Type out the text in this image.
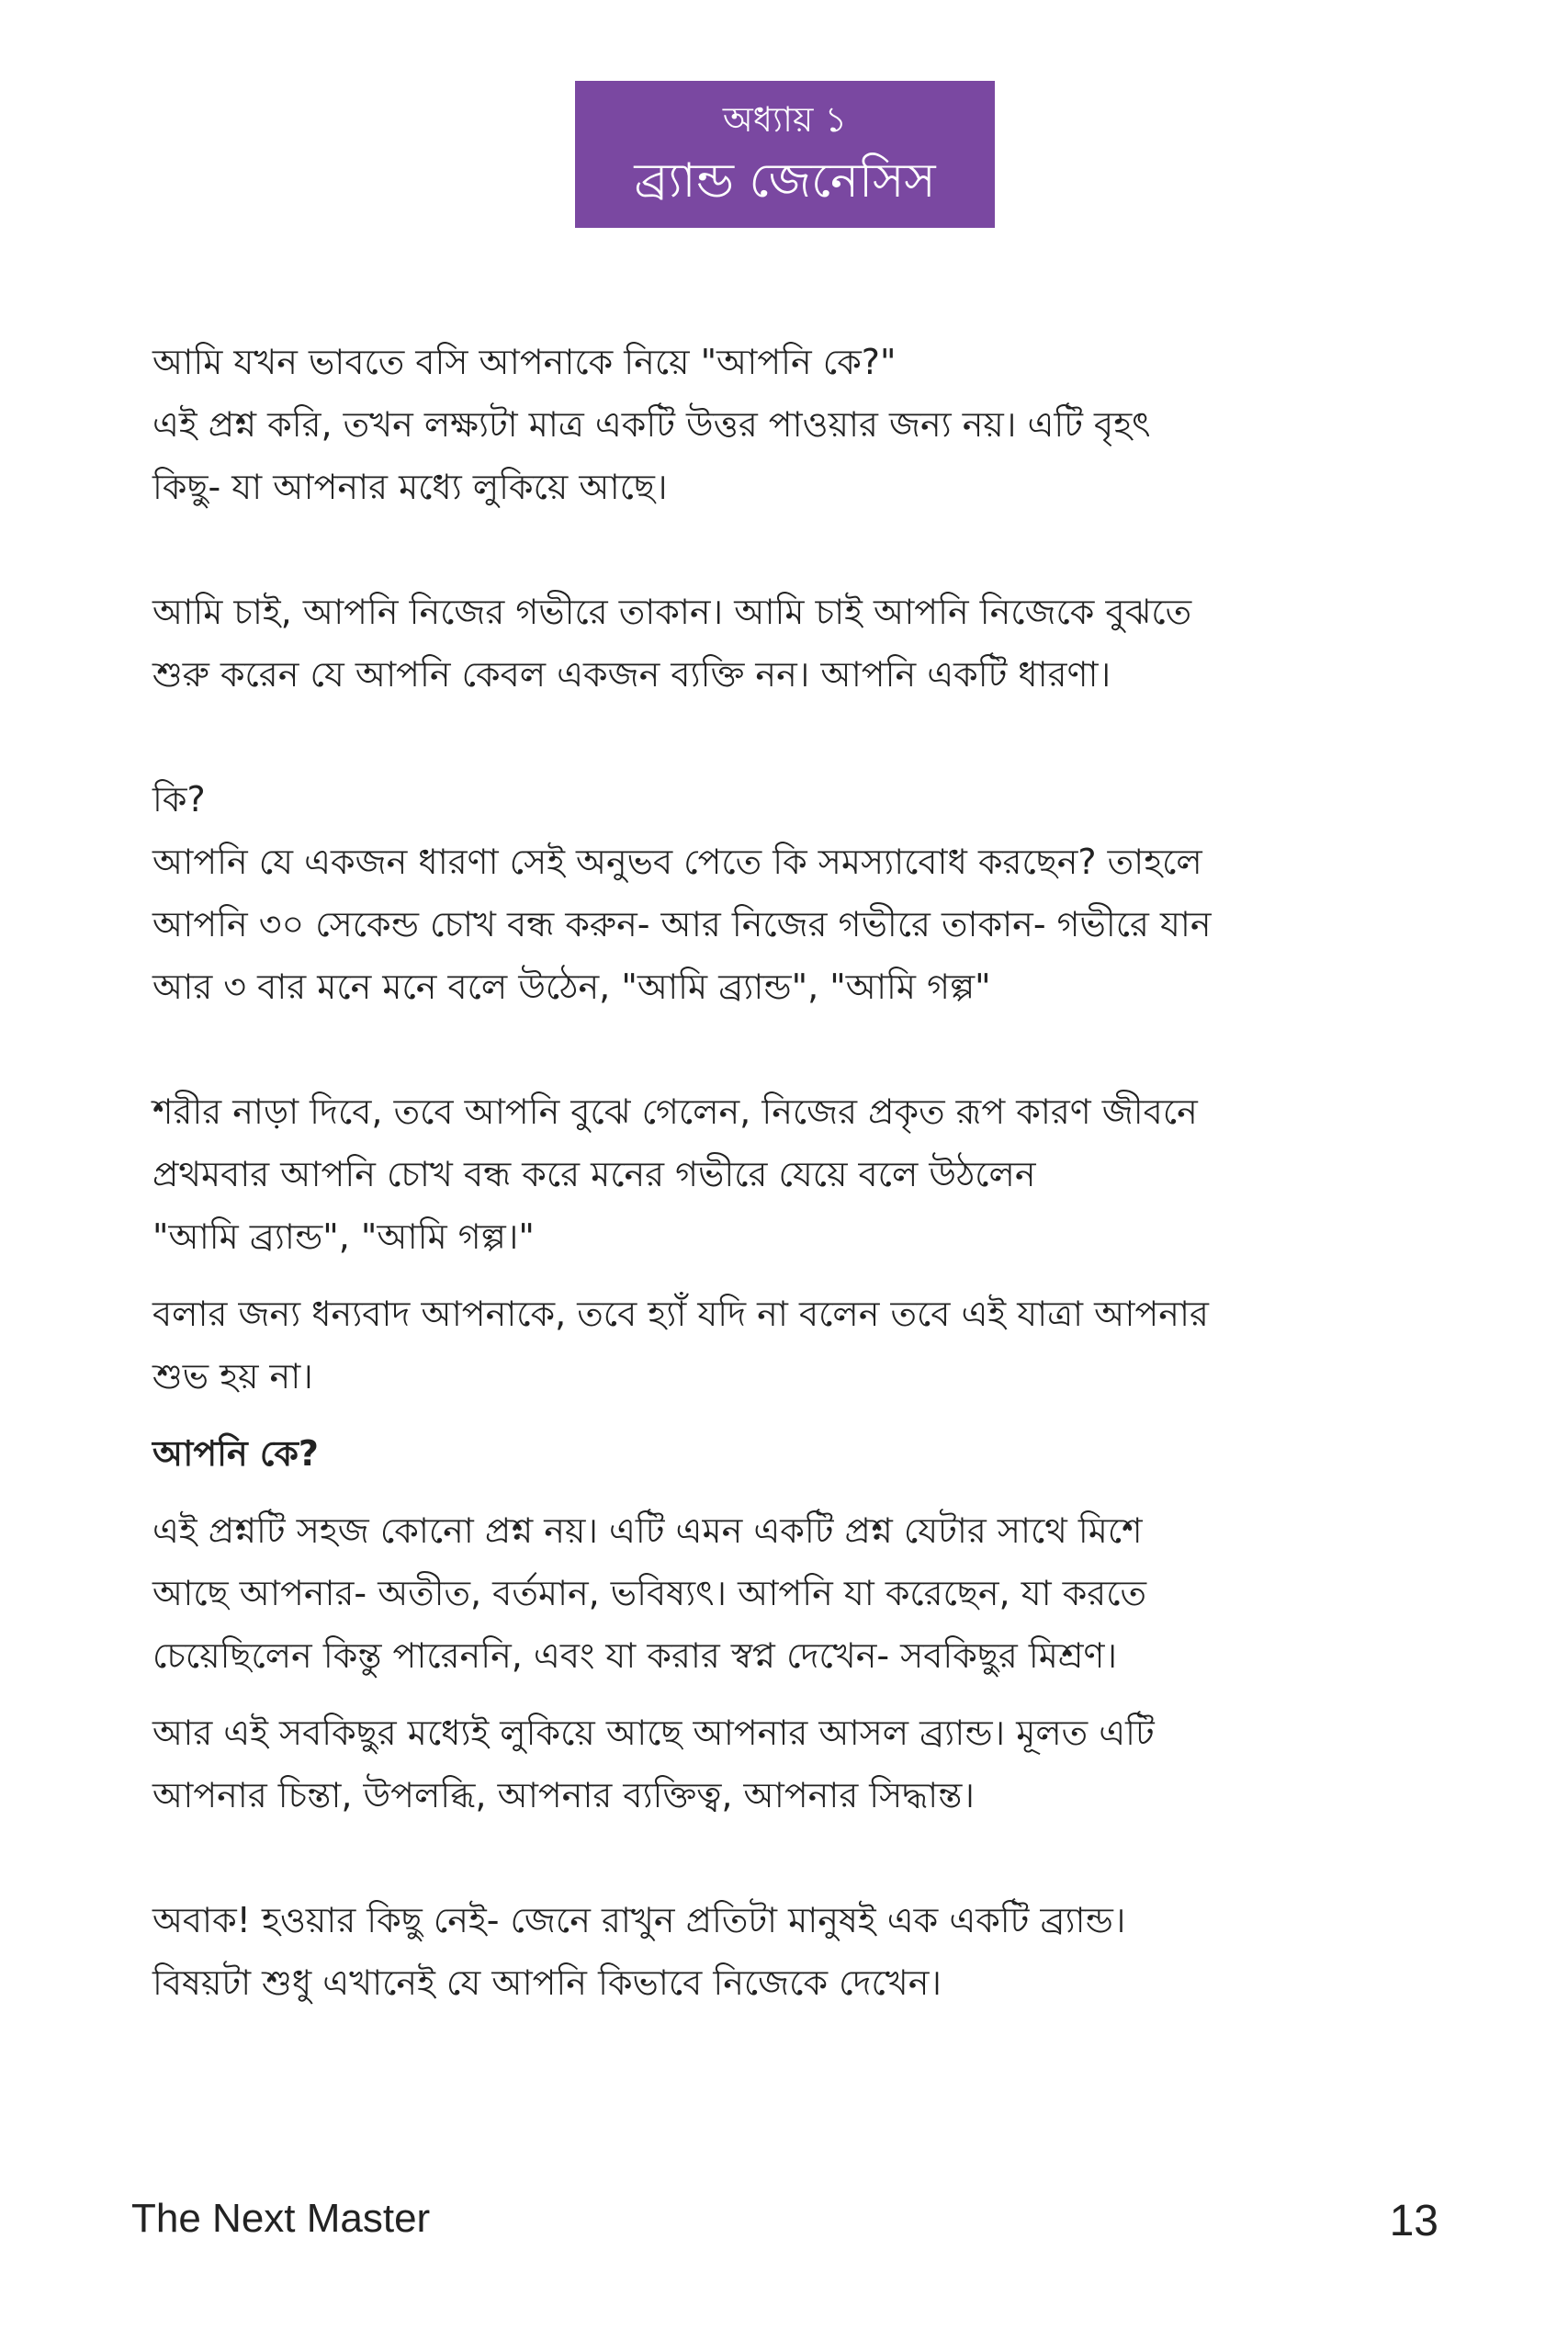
অধ্যায় ১
ব্র্যান্ড জেনেসিস
আমি যখন ভাবতে বসি আপনাকে নিয়ে "আপনি কে?"
এই প্রশ্ন করি, তখন লক্ষ্যটা মাত্র একটি উত্তর পাওয়ার জন্য নয়। এটি বৃহৎ
কিছু- যা আপনার মধ্যে লুকিয়ে আছে।
আমি চাই, আপনি নিজের গভীরে তাকান। আমি চাই আপনি নিজেকে বুঝতে
শুরু করেন যে আপনি কেবল একজন ব্যক্তি নন। আপনি একটি ধারণা।
কি?
আপনি যে একজন ধারণা সেই অনুভব পেতে কি সমস্যাবোধ করছেন? তাহলে
আপনি ৩০ সেকেন্ড চোখ বন্ধ করুন- আর নিজের গভীরে তাকান- গভীরে যান
আর ৩ বার মনে মনে বলে উঠেন, "আমি ব্র্যান্ড", "আমি গল্প"
শরীর নাড়া দিবে, তবে আপনি বুঝে গেলেন, নিজের প্রকৃত রূপ কারণ জীবনে
প্রথমবার আপনি চোখ বন্ধ করে মনের গভীরে যেয়ে বলে উঠলেন
"আমি ব্র্যান্ড", "আমি গল্প।"
বলার জন্য ধন্যবাদ আপনাকে, তবে হ্যাঁ যদি না বলেন তবে এই যাত্রা আপনার
শুভ হয় না।
আপনি কে?
এই প্রশ্নটি সহজ কোনো প্রশ্ন নয়। এটি এমন একটি প্রশ্ন যেটার সাথে মিশে
আছে আপনার- অতীত, বর্তমান, ভবিষ্যৎ। আপনি যা করেছেন, যা করতে
চেয়েছিলেন কিন্তু পারেননি, এবং যা করার স্বপ্ন দেখেন- সবকিছুর মিশ্রণ।
আর এই সবকিছুর মধ্যেই লুকিয়ে আছে আপনার আসল ব্র্যান্ড। মূলত এটি
আপনার চিন্তা, উপলব্ধি, আপনার ব্যক্তিত্ব, আপনার সিদ্ধান্ত।
অবাক! হওয়ার কিছু নেই- জেনে রাখুন প্রতিটা মানুষই এক একটি ব্র্যান্ড।
বিষয়টা শুধু এখানেই যে আপনি কিভাবে নিজেকে দেখেন।
The Next Master	13
